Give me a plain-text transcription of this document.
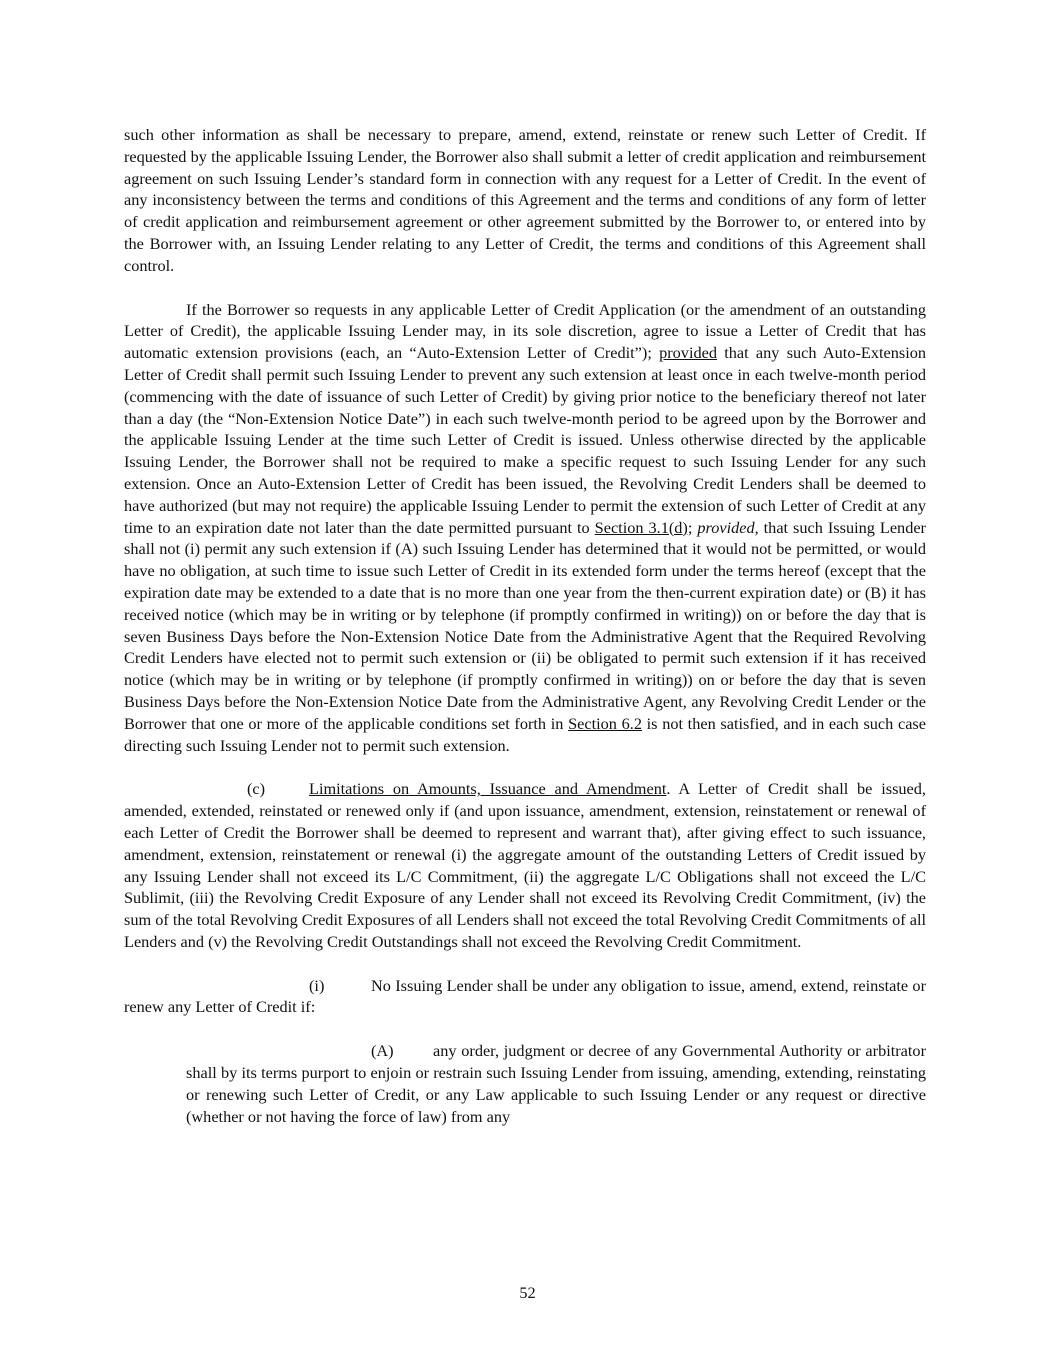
such other information as shall be necessary to prepare, amend, extend, reinstate or renew such Letter of Credit. If requested by the applicable Issuing Lender, the Borrower also shall submit a letter of credit application and reimbursement agreement on such Issuing Lender’s standard form in connection with any request for a Letter of Credit. In the event of any inconsistency between the terms and conditions of this Agreement and the terms and conditions of any form of letter of credit application and reimbursement agreement or other agreement submitted by the Borrower to, or entered into by the Borrower with, an Issuing Lender relating to any Letter of Credit, the terms and conditions of this Agreement shall control.

If the Borrower so requests in any applicable Letter of Credit Application (or the amendment of an outstanding Letter of Credit), the applicable Issuing Lender may, in its sole discretion, agree to issue a Letter of Credit that has automatic extension provisions (each, an “Auto-Extension Letter of Credit”); provided that any such Auto-Extension Letter of Credit shall permit such Issuing Lender to prevent any such extension at least once in each twelve-month period (commencing with the date of issuance of such Letter of Credit) by giving prior notice to the beneficiary thereof not later than a day (the “Non-Extension Notice Date”) in each such twelve-month period to be agreed upon by the Borrower and the applicable Issuing Lender at the time such Letter of Credit is issued. Unless otherwise directed by the applicable Issuing Lender, the Borrower shall not be required to make a specific request to such Issuing Lender for any such extension. Once an Auto-Extension Letter of Credit has been issued, the Revolving Credit Lenders shall be deemed to have authorized (but may not require) the applicable Issuing Lender to permit the extension of such Letter of Credit at any time to an expiration date not later than the date permitted pursuant to Section 3.1(d); provided, that such Issuing Lender shall not (i) permit any such extension if (A) such Issuing Lender has determined that it would not be permitted, or would have no obligation, at such time to issue such Letter of Credit in its extended form under the terms hereof (except that the expiration date may be extended to a date that is no more than one year from the then-current expiration date) or (B) it has received notice (which may be in writing or by telephone (if promptly confirmed in writing)) on or before the day that is seven Business Days before the Non-Extension Notice Date from the Administrative Agent that the Required Revolving Credit Lenders have elected not to permit such extension or (ii) be obligated to permit such extension if it has received notice (which may be in writing or by telephone (if promptly confirmed in writing)) on or before the day that is seven Business Days before the Non-Extension Notice Date from the Administrative Agent, any Revolving Credit Lender or the Borrower that one or more of the applicable conditions set forth in Section 6.2 is not then satisfied, and in each such case directing such Issuing Lender not to permit such extension.

(c)	Limitations on Amounts, Issuance and Amendment. A Letter of Credit shall be issued, amended, extended, reinstated or renewed only if (and upon issuance, amendment, extension, reinstatement or renewal of each Letter of Credit the Borrower shall be deemed to represent and warrant that), after giving effect to such issuance, amendment, extension, reinstatement or renewal (i) the aggregate amount of the outstanding Letters of Credit issued by any Issuing Lender shall not exceed its L/C Commitment, (ii) the aggregate L/C Obligations shall not exceed the L/C Sublimit, (iii) the Revolving Credit Exposure of any Lender shall not exceed its Revolving Credit Commitment, (iv) the sum of the total Revolving Credit Exposures of all Lenders shall not exceed the total Revolving Credit Commitments of all Lenders and (v) the Revolving Credit Outstandings shall not exceed the Revolving Credit Commitment.

(i)	No Issuing Lender shall be under any obligation to issue, amend, extend, reinstate or renew any Letter of Credit if:

(A) any order, judgment or decree of any Governmental Authority or arbitrator shall by its terms purport to enjoin or restrain such Issuing Lender from issuing, amending, extending, reinstating or renewing such Letter of Credit, or any Law applicable to such Issuing Lender or any request or directive (whether or not having the force of law) from any

52
